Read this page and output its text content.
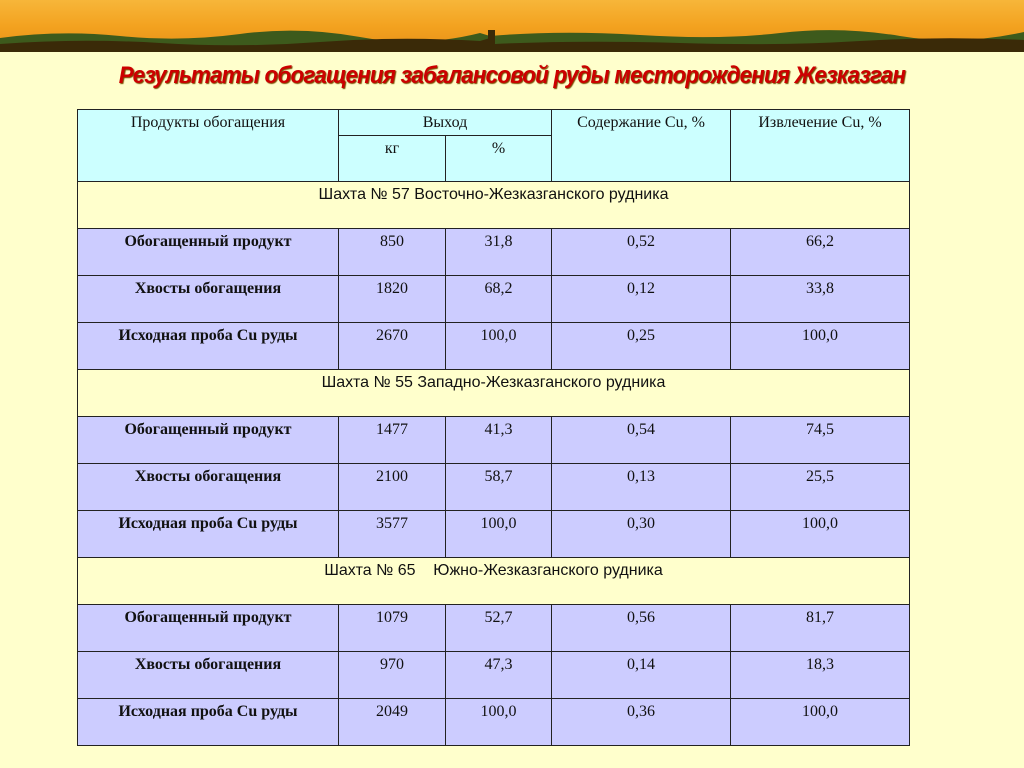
Результаты обогащения забалансовой руды месторождения Жезказган
Продукты обогащения	Выход		Содержание Cu, %	Извлечение Cu, %
	кг	%		
Шахта № 57 Восточно-Жезказганского рудника				
Обогащенный продукт	850	31,8	0,52	66,2
Хвосты обогащения	1820	68,2	0,12	33,8
Исходная проба Cu руды	2670	100,0	0,25	100,0
Шахта № 55 Западно-Жезказганского рудника				
Обогащенный продукт	1477	41,3	0,54	74,5
Хвосты обогащения	2100	58,7	0,13	25,5
Исходная проба Cu руды	3577	100,0	0,30	100,0
Шахта № 65    Южно-Жезказганского рудника				
Обогащенный продукт	1079	52,7	0,56	81,7
Хвосты обогащения	970	47,3	0,14	18,3
Исходная проба Cu руды	2049	100,0	0,36	100,0
